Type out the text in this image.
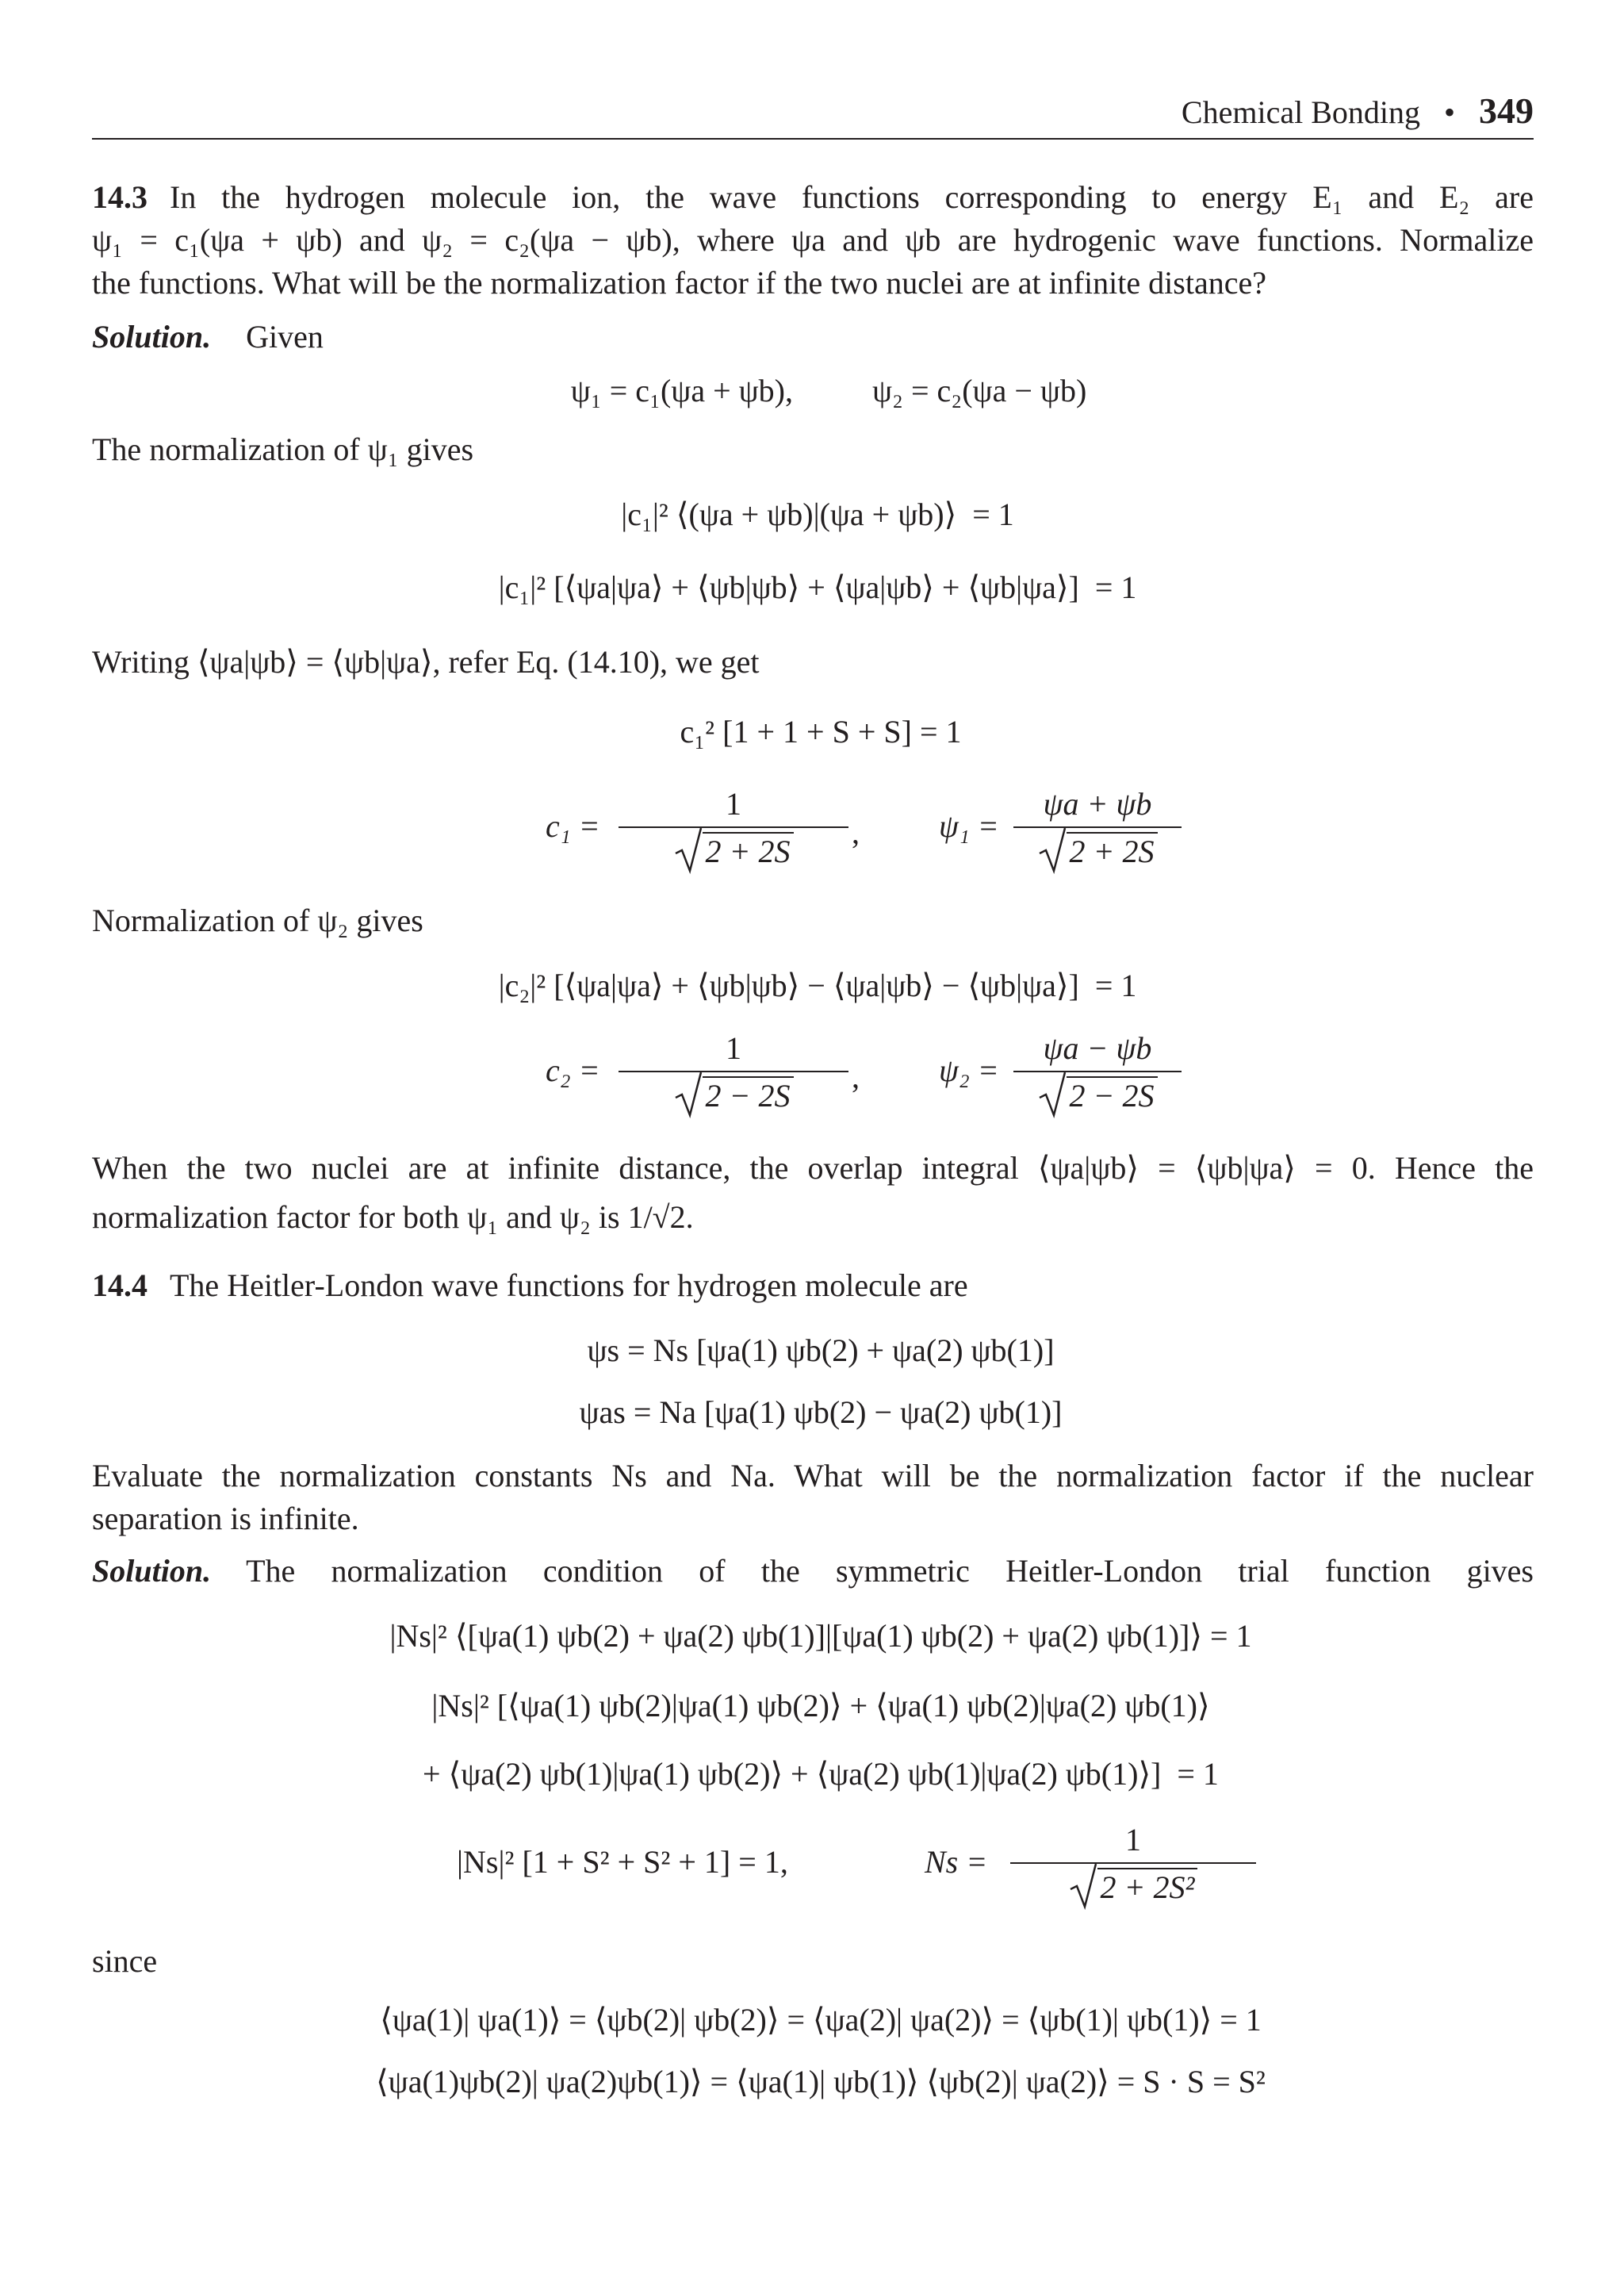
Chemical Bonding • 349
14.3 In the hydrogen molecule ion, the wave functions corresponding to energy E₁ and E₂ are
ψ₁ = c₁(ψa + ψb) and ψ₂ = c₂(ψa − ψb), where ψa and ψb are hydrogenic wave functions. Normalize
the functions. What will be the normalization factor if the two nuclei are at infinite distance?
Solution. Given
ψ₁ = c₁(ψa + ψb),          ψ₂ = c₂(ψa − ψb)
The normalization of ψ₁ gives
|c₁|² ⟨(ψa + ψb)|(ψa + ψb)⟩  = 1
|c₁|² [⟨ψa|ψa⟩ + ⟨ψb|ψb⟩ + ⟨ψa|ψb⟩ + ⟨ψb|ψa⟩]  = 1
Writing ⟨ψa|ψb⟩ = ⟨ψb|ψa⟩, refer Eq. (14.10), we get
c₁² [1 + 1 + S + S] = 1
c₁ =
1
2 + 2S
,	ψ₁ =
ψa + ψb
2 + 2S
Normalization of ψ₂ gives
|c₂|² [⟨ψa|ψa⟩ + ⟨ψb|ψb⟩ − ⟨ψa|ψb⟩ − ⟨ψb|ψa⟩]  = 1
c₂ =
1
2 − 2S
,	ψ₂ =
ψa − ψb
2 − 2S
When the two nuclei are at infinite distance, the overlap integral ⟨ψa|ψb⟩ = ⟨ψb|ψa⟩ = 0. Hence the
normalization factor for both ψ₁ and ψ₂ is 1/√2.
14.4 The Heitler-London wave functions for hydrogen molecule are
ψs = Ns [ψa(1) ψb(2) + ψa(2) ψb(1)]
ψas = Na [ψa(1) ψb(2) − ψa(2) ψb(1)]
Evaluate the normalization constants Ns and Na. What will be the normalization factor if the nuclear
separation is infinite.
Solution. The normalization condition of the symmetric Heitler-London trial function gives
|Ns|² ⟨[ψa(1) ψb(2) + ψa(2) ψb(1)]|[ψa(1) ψb(2) + ψa(2) ψb(1)]⟩ = 1
|Ns|² [⟨ψa(1) ψb(2)|ψa(1) ψb(2)⟩ + ⟨ψa(1) ψb(2)|ψa(2) ψb(1)⟩
+ ⟨ψa(2) ψb(1)|ψa(1) ψb(2)⟩ + ⟨ψa(2) ψb(1)|ψa(2) ψb(1)⟩]  = 1
|Ns|² [1 + S² + S² + 1] = 1,	Ns =
1
2 + 2S²
since
⟨ψa(1)| ψa(1)⟩ = ⟨ψb(2)| ψb(2)⟩ = ⟨ψa(2)| ψa(2)⟩ = ⟨ψb(1)| ψb(1)⟩ = 1
⟨ψa(1)ψb(2)| ψa(2)ψb(1)⟩ = ⟨ψa(1)| ψb(1)⟩ ⟨ψb(2)| ψa(2)⟩ = S · S = S²
